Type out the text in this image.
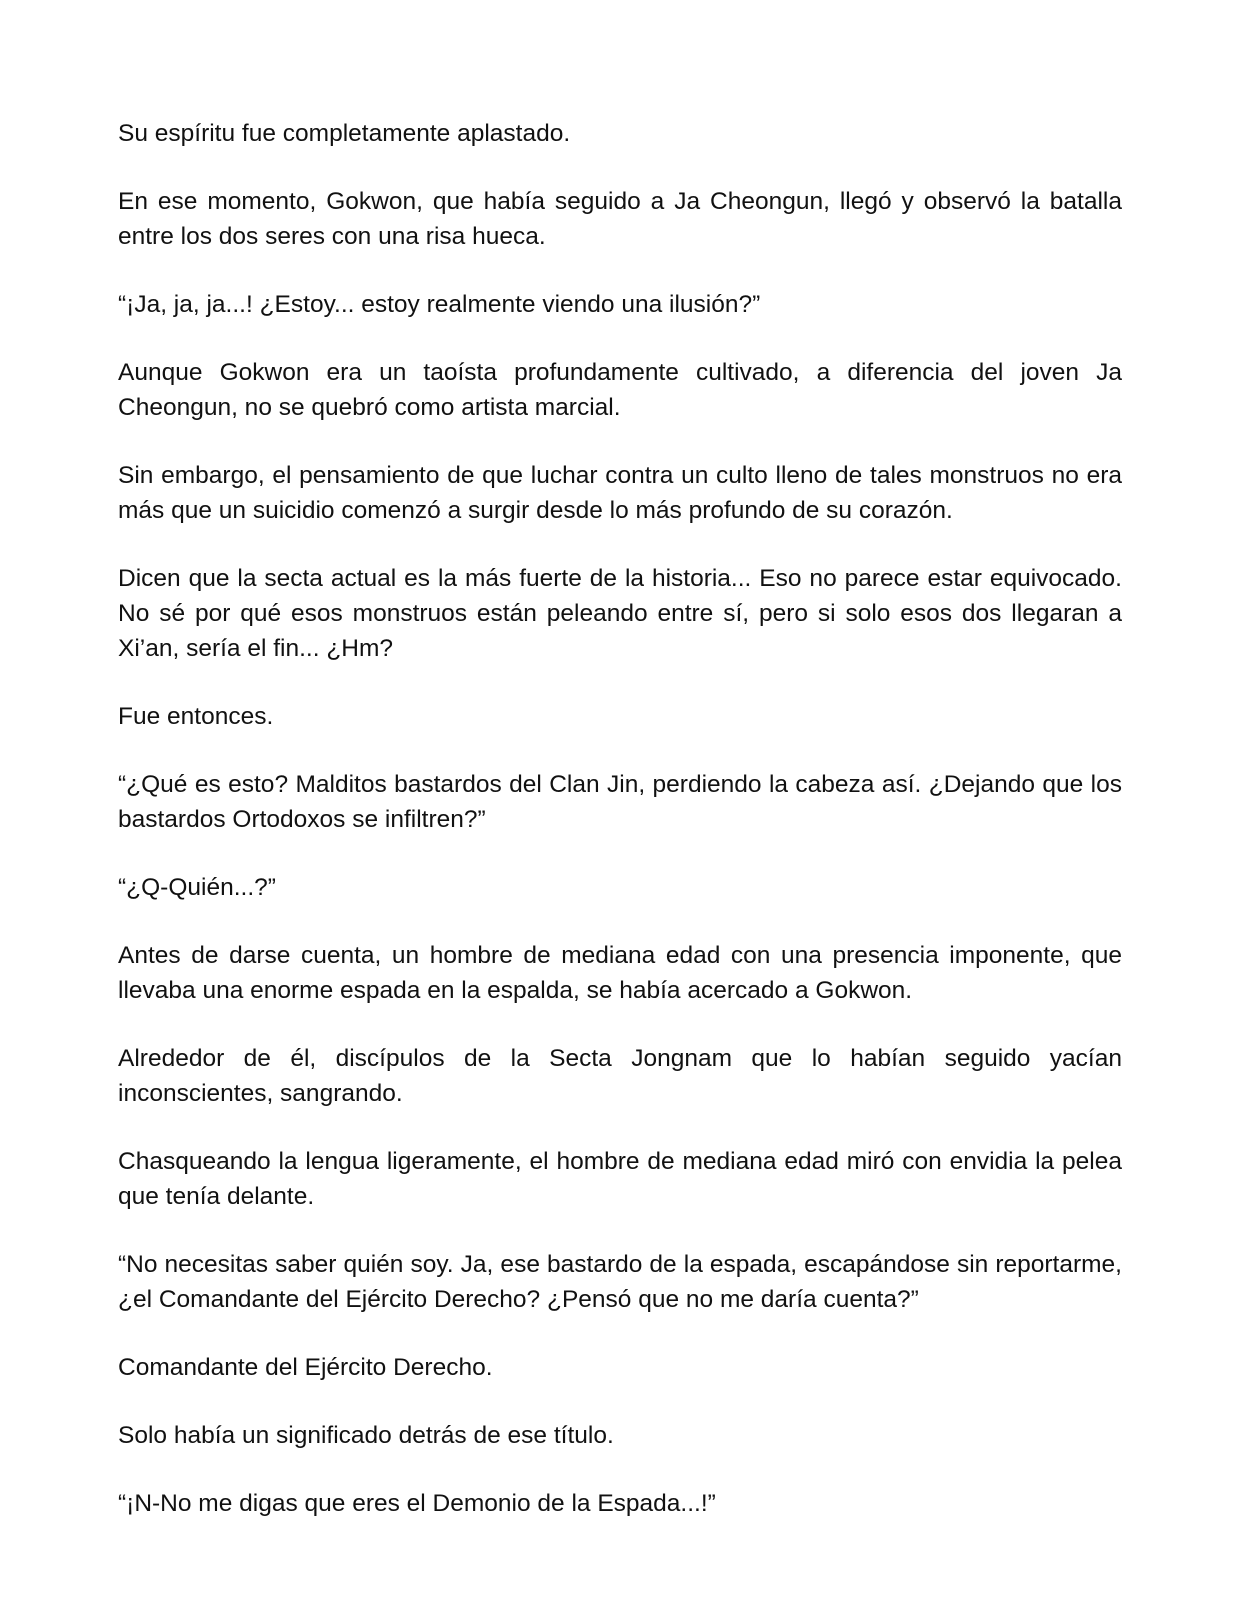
Su espíritu fue completamente aplastado.

En ese momento, Gokwon, que había seguido a Ja Cheongun, llegó y observó la batalla entre los dos seres con una risa hueca.

“¡Ja, ja, ja...! ¿Estoy... estoy realmente viendo una ilusión?”

Aunque Gokwon era un taoísta profundamente cultivado, a diferencia del joven Ja Cheongun, no se quebró como artista marcial.

Sin embargo, el pensamiento de que luchar contra un culto lleno de tales monstruos no era más que un suicidio comenzó a surgir desde lo más profundo de su corazón.

Dicen que la secta actual es la más fuerte de la historia... Eso no parece estar equivocado. No sé por qué esos monstruos están peleando entre sí, pero si solo esos dos llegaran a Xi’an, sería el fin... ¿Hm?

Fue entonces.

“¿Qué es esto? Malditos bastardos del Clan Jin, perdiendo la cabeza así. ¿Dejando que los bastardos Ortodoxos se infiltren?”

“¿Q-Quién...?”

Antes de darse cuenta, un hombre de mediana edad con una presencia imponente, que llevaba una enorme espada en la espalda, se había acercado a Gokwon.

Alrededor de él, discípulos de la Secta Jongnam que lo habían seguido yacían inconscientes, sangrando.

Chasqueando la lengua ligeramente, el hombre de mediana edad miró con envidia la pelea que tenía delante.

“No necesitas saber quién soy. Ja, ese bastardo de la espada, escapándose sin reportarme, ¿el Comandante del Ejército Derecho? ¿Pensó que no me daría cuenta?”

Comandante del Ejército Derecho.

Solo había un significado detrás de ese título.

“¡N-No me digas que eres el Demonio de la Espada...!”
